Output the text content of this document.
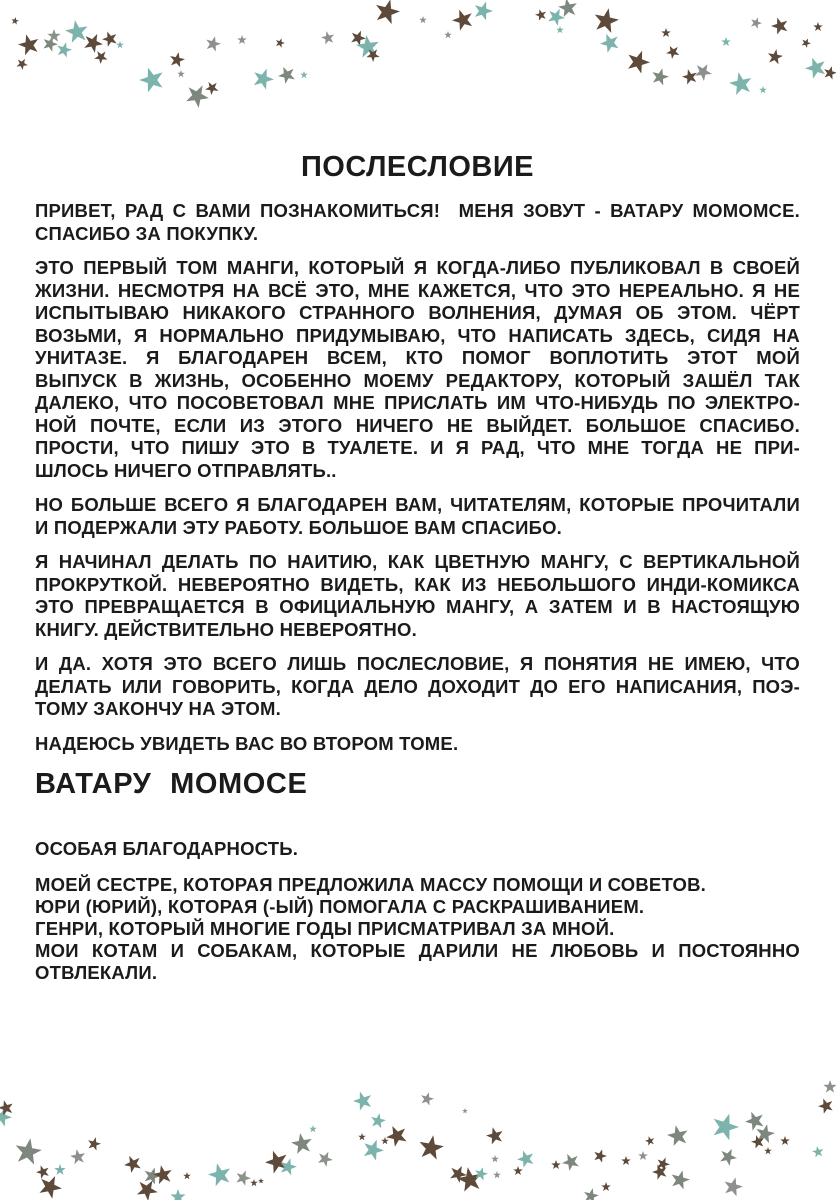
ПОСЛЕСЛОВИЕ
ПРИВЕТ, РАД С ВАМИ ПОЗНАКОМИТЬСЯ!  МЕНЯ ЗОВУТ - ВАТАРУ МОМОМСЕ.
СПАСИБО ЗА ПОКУПКУ.
ЭТО ПЕРВЫЙ ТОМ МАНГИ, КОТОРЫЙ Я КОГДА-ЛИБО ПУБЛИКОВАЛ В СВОЕЙ
ЖИЗНИ. НЕСМОТРЯ НА ВСЁ ЭТО, МНЕ КАЖЕТСЯ, ЧТО ЭТО НЕРЕАЛЬНО. Я НЕ
ИСПЫТЫВАЮ НИКАКОГО СТРАННОГО ВОЛНЕНИЯ, ДУМАЯ ОБ ЭТОМ. ЧЁРТ
ВОЗЬМИ, Я НОРМАЛЬНО ПРИДУМЫВАЮ, ЧТО НАПИСАТЬ ЗДЕСЬ, СИДЯ НА
УНИТАЗЕ. Я БЛАГОДАРЕН ВСЕМ, КТО ПОМОГ ВОПЛОТИТЬ ЭТОТ МОЙ
ВЫПУСК В ЖИЗНЬ, ОСОБЕННО МОЕМУ РЕДАКТОРУ, КОТОРЫЙ ЗАШЁЛ ТАК
ДАЛЕКО, ЧТО ПОСОВЕТОВАЛ МНЕ ПРИСЛАТЬ ИМ ЧТО-НИБУДЬ ПО ЭЛЕКТРО-
НОЙ ПОЧТЕ, ЕСЛИ ИЗ ЭТОГО НИЧЕГО НЕ ВЫЙДЕТ. БОЛЬШОЕ СПАСИБО.
ПРОСТИ, ЧТО ПИШУ ЭТО В ТУАЛЕТЕ. И Я РАД, ЧТО МНЕ ТОГДА НЕ ПРИ-
ШЛОСЬ НИЧЕГО ОТПРАВЛЯТЬ..
НО БОЛЬШЕ ВСЕГО Я БЛАГОДАРЕН ВАМ, ЧИТАТЕЛЯМ, КОТОРЫЕ ПРОЧИТАЛИ
И ПОДЕРЖАЛИ ЭТУ РАБОТУ. БОЛЬШОЕ ВАМ СПАСИБО.
Я НАЧИНАЛ ДЕЛАТЬ ПО НАИТИЮ, КАК ЦВЕТНУЮ МАНГУ, С ВЕРТИКАЛЬНОЙ
ПРОКРУТКОЙ. НЕВЕРОЯТНО ВИДЕТЬ, КАК ИЗ НЕБОЛЬШОГО ИНДИ-КОМИКСА
ЭТО ПРЕВРАЩАЕТСЯ В ОФИЦИАЛЬНУЮ МАНГУ, А ЗАТЕМ И В НАСТОЯЩУЮ
КНИГУ. ДЕЙСТВИТЕЛЬНО НЕВЕРОЯТНО.
И ДА. ХОТЯ ЭТО ВСЕГО ЛИШЬ ПОСЛЕСЛОВИЕ, Я ПОНЯТИЯ НЕ ИМЕЮ, ЧТО
ДЕЛАТЬ ИЛИ ГОВОРИТЬ, КОГДА ДЕЛО ДОХОДИТ ДО ЕГО НАПИСАНИЯ, ПОЭ-
ТОМУ ЗАКОНЧУ НА ЭТОМ.
НАДЕЮСЬ УВИДЕТЬ ВАС ВО ВТОРОМ ТОМЕ.
ВАТАРУ МОМОСЕ
ОСОБАЯ БЛАГОДАРНОСТЬ.
МОЕЙ СЕСТРЕ, КОТОРАЯ ПРЕДЛОЖИЛА МАССУ ПОМОЩИ И СОВЕТОВ.
ЮРИ (ЮРИЙ), КОТОРАЯ (-ЫЙ) ПОМОГАЛА С РАСКРАШИВАНИЕМ.
ГЕНРИ, КОТОРЫЙ МНОГИЕ ГОДЫ ПРИСМАТРИВАЛ ЗА МНОЙ.
МОИ КОТАМ И СОБАКАМ, КОТОРЫЕ ДАРИЛИ НЕ ЛЮБОВЬ И ПОСТОЯННО
ОТВЛЕКАЛИ.
